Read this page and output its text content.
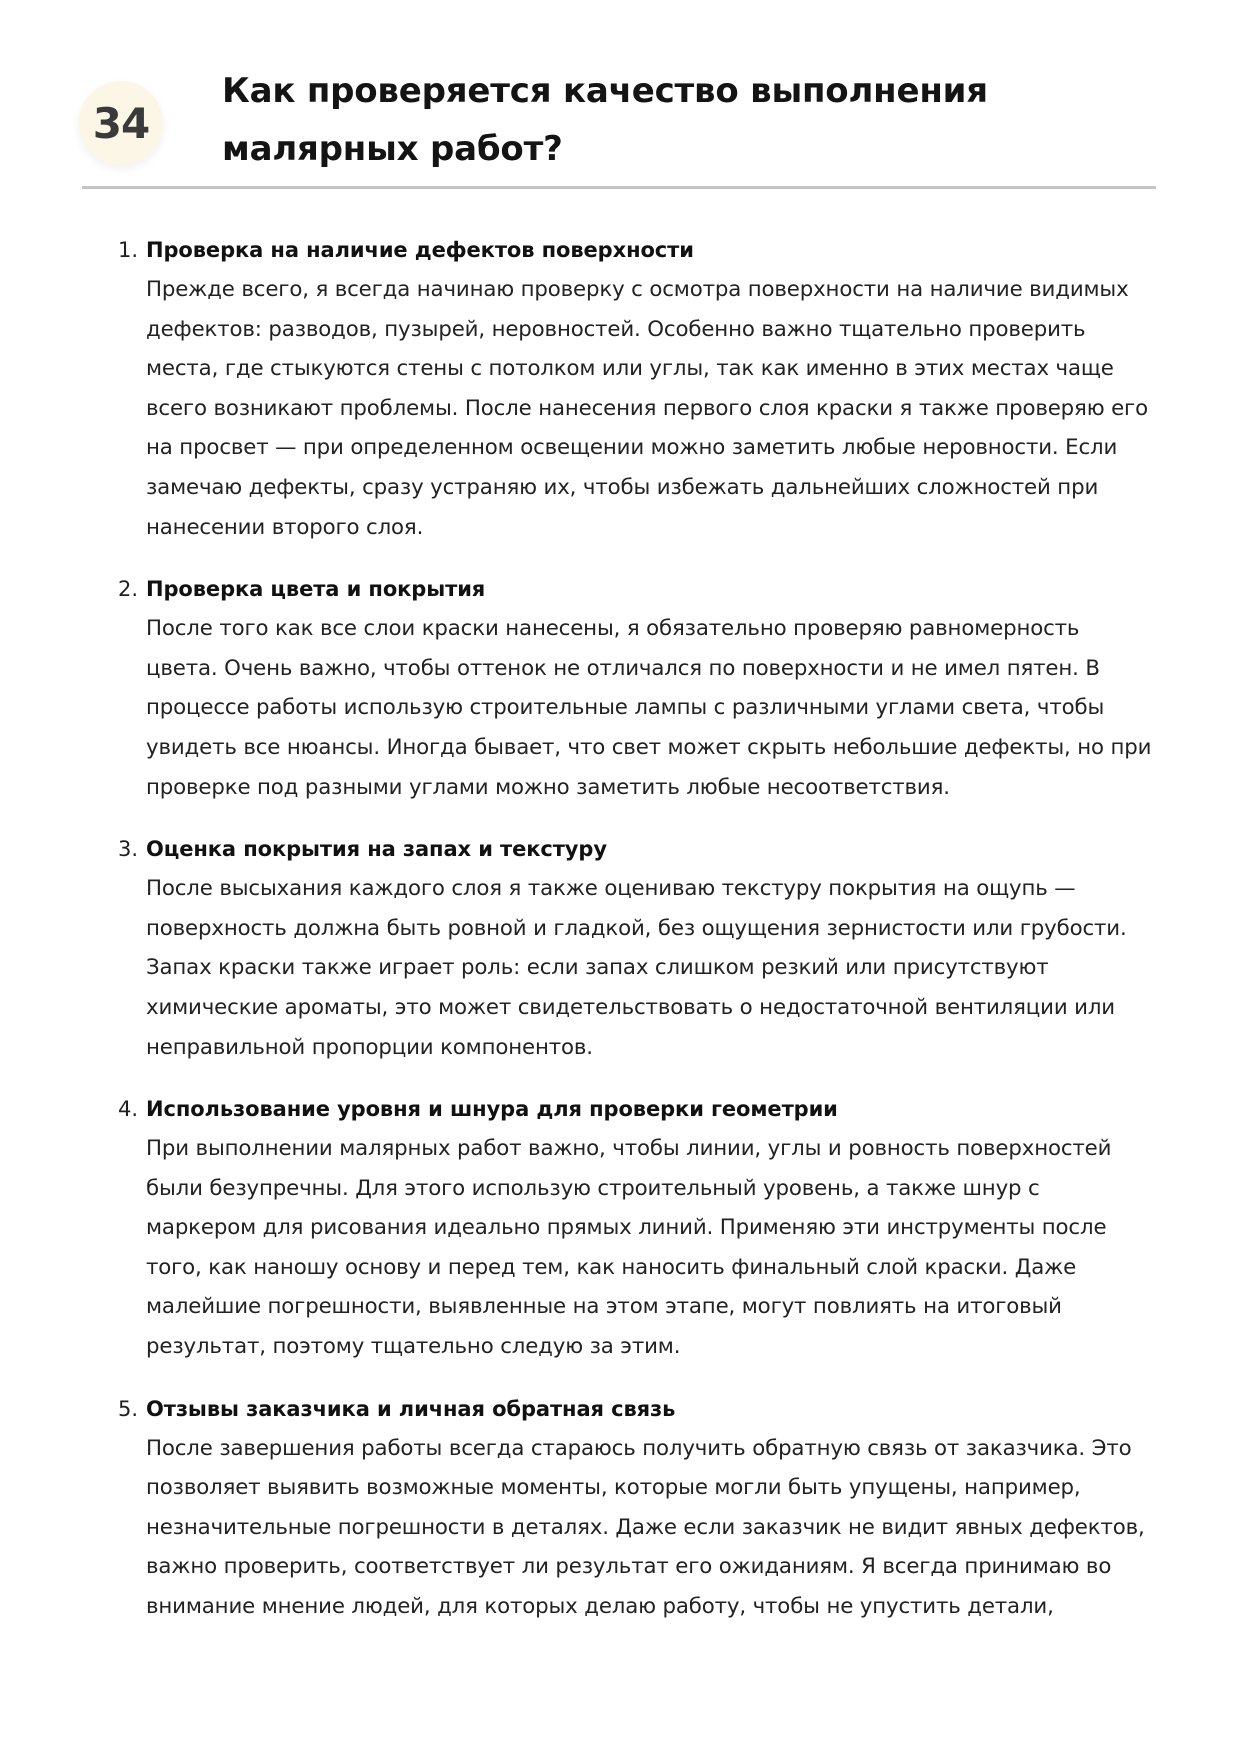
34
Как проверяется качество выполнения малярных работ?
1. Проверка на наличие дефектов поверхности
Прежде всего, я всегда начинаю проверку с осмотра поверхности на наличие видимых дефектов: разводов, пузырей, неровностей. Особенно важно тщательно проверить места, где стыкуются стены с потолком или углы, так как именно в этих местах чаще всего возникают проблемы. После нанесения первого слоя краски я также проверяю его на просвет — при определенном освещении можно заметить любые неровности. Если замечаю дефекты, сразу устраняю их, чтобы избежать дальнейших сложностей при нанесении второго слоя.
2. Проверка цвета и покрытия
После того как все слои краски нанесены, я обязательно проверяю равномерность цвета. Очень важно, чтобы оттенок не отличался по поверхности и не имел пятен. В процессе работы использую строительные лампы с различными углами света, чтобы увидеть все нюансы. Иногда бывает, что свет может скрыть небольшие дефекты, но при проверке под разными углами можно заметить любые несоответствия.
3. Оценка покрытия на запах и текстуру
После высыхания каждого слоя я также оцениваю текстуру покрытия на ощупь — поверхность должна быть ровной и гладкой, без ощущения зернистости или грубости. Запах краски также играет роль: если запах слишком резкий или присутствуют химические ароматы, это может свидетельствовать о недостаточной вентиляции или неправильной пропорции компонентов.
4. Использование уровня и шнура для проверки геометрии
При выполнении малярных работ важно, чтобы линии, углы и ровность поверхностей были безупречны. Для этого использую строительный уровень, а также шнур с маркером для рисования идеально прямых линий. Применяю эти инструменты после того, как наношу основу и перед тем, как наносить финальный слой краски. Даже малейшие погрешности, выявленные на этом этапе, могут повлиять на итоговый результат, поэтому тщательно следую за этим.
5. Отзывы заказчика и личная обратная связь
После завершения работы всегда стараюсь получить обратную связь от заказчика. Это позволяет выявить возможные моменты, которые могли быть упущены, например, незначительные погрешности в деталях. Даже если заказчик не видит явных дефектов, важно проверить, соответствует ли результат его ожиданиям. Я всегда принимаю во внимание мнение людей, для которых делаю работу, чтобы не упустить детали,
